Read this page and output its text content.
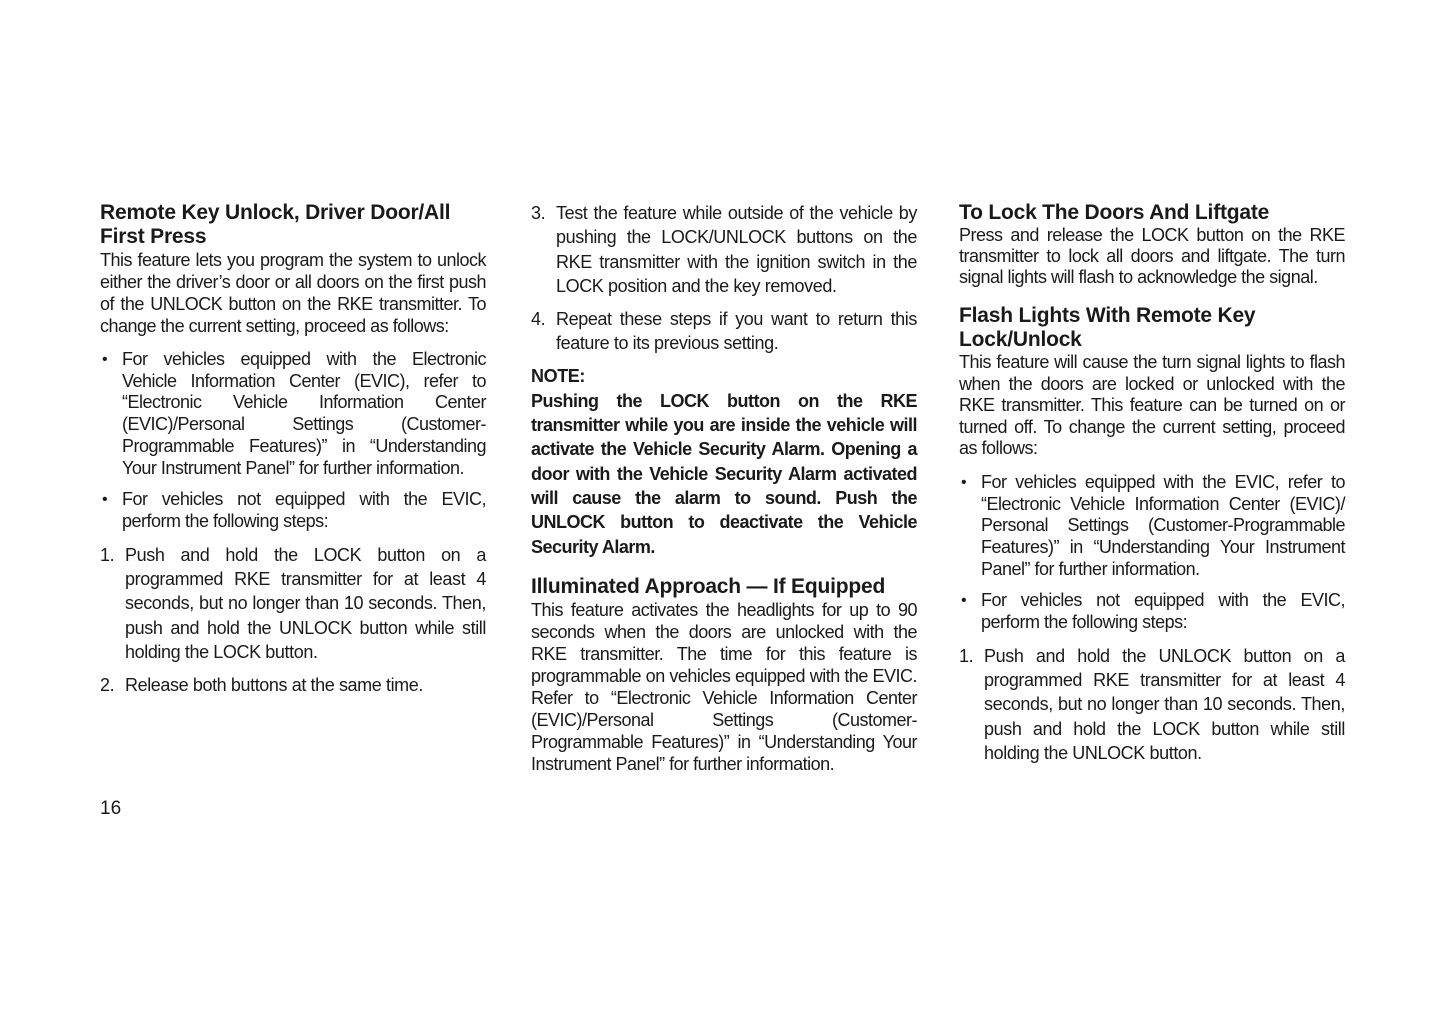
Remote Key Unlock, Driver Door/All First Press

This feature lets you program the system to unlock either the driver’s door or all doors on the first push of the UNLOCK button on the RKE transmitter. To change the current setting, proceed as follows:

• For vehicles equipped with the Electronic Vehicle Information Center (EVIC), refer to “Electronic Vehicle Information Center (EVIC)/Personal Settings (Customer-Programmable Features)” in “Understanding Your Instrument Panel” for further information.
• For vehicles not equipped with the EVIC, perform the following steps:
1. Push and hold the LOCK button on a programmed RKE transmitter for at least 4 seconds, but no longer than 10 seconds. Then, push and hold the UNLOCK button while still holding the LOCK button.
2. Release both buttons at the same time.
3. Test the feature while outside of the vehicle by pushing the LOCK/UNLOCK buttons on the RKE transmitter with the ignition switch in the LOCK position and the key removed.
4. Repeat these steps if you want to return this feature to its previous setting.
NOTE:

Pushing the LOCK button on the RKE transmitter while you are inside the vehicle will activate the Vehicle Security Alarm. Opening a door with the Vehicle Security Alarm activated will cause the alarm to sound. Push the UNLOCK button to deactivate the Vehicle Security Alarm.

Illuminated Approach — If Equipped

This feature activates the headlights for up to 90 seconds when the doors are unlocked with the RKE transmitter. The time for this feature is programmable on vehicles equipped with the EVIC. Refer to “Electronic Vehicle Information Center (EVIC)/Personal Settings (Customer-Programmable Features)” in “Understanding Your Instrument Panel” for further information.

To Lock The Doors And Liftgate

Press and release the LOCK button on the RKE transmitter to lock all doors and liftgate. The turn signal lights will flash to acknowledge the signal.

Flash Lights With Remote Key Lock/Unlock

This feature will cause the turn signal lights to flash when the doors are locked or unlocked with the RKE transmitter. This feature can be turned on or turned off. To change the current setting, proceed as follows:

• For vehicles equipped with the EVIC, refer to “Electronic Vehicle Information Center (EVIC)/ Personal Settings (Customer-Programmable Features)” in “Understanding Your Instrument Panel” for further information.
• For vehicles not equipped with the EVIC, perform the following steps:
1. Push and hold the UNLOCK button on a programmed RKE transmitter for at least 4 seconds, but no longer than 10 seconds. Then, push and hold the LOCK button while still holding the UNLOCK button.
16
